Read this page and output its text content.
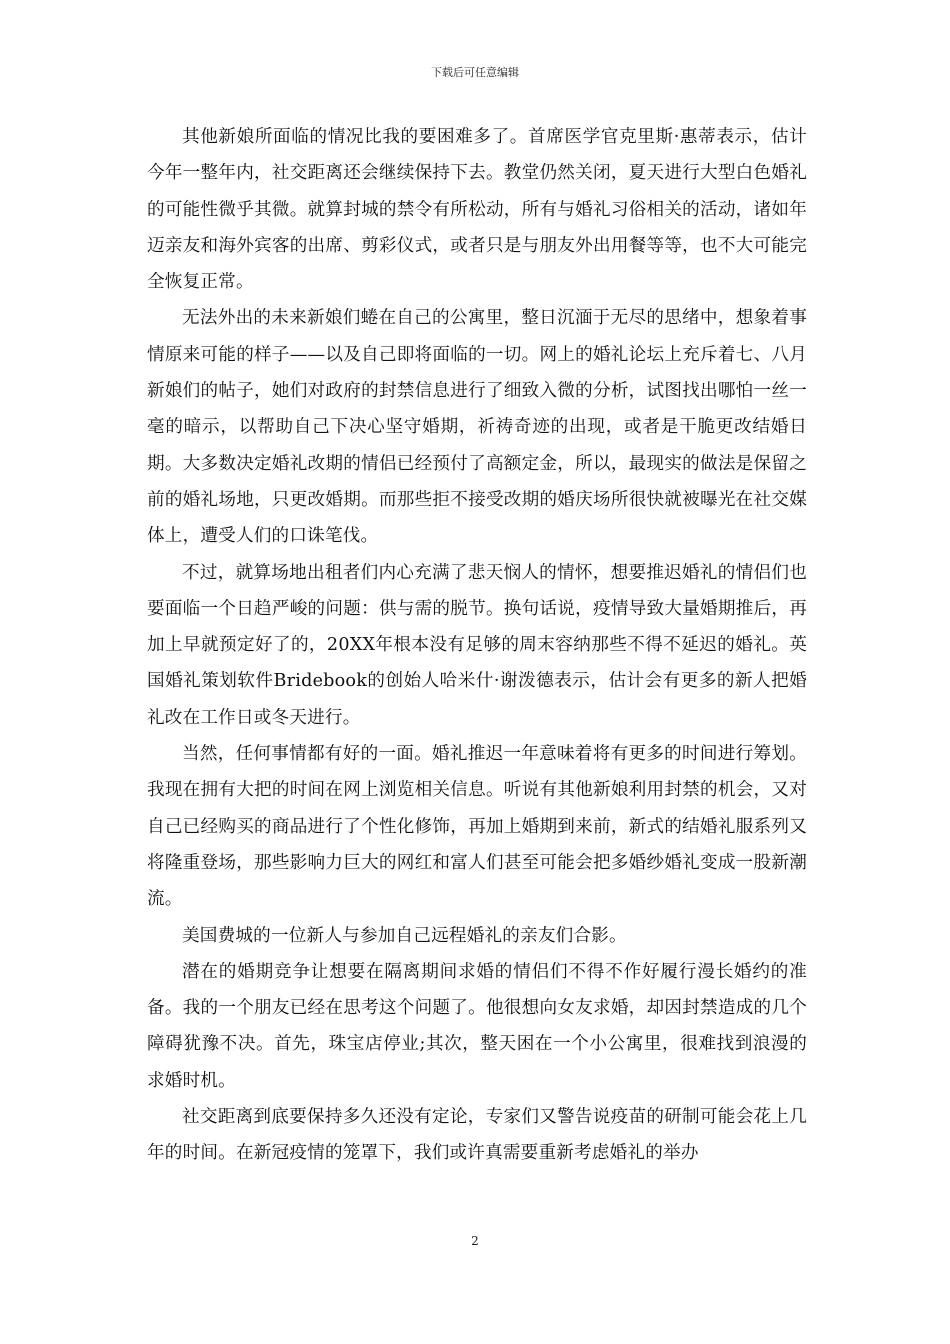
下载后可任意编辑

其他新娘所面临的情况比我的要困难多了。首席医学官克里斯·惠蒂表示，估计今年一整年内，社交距离还会继续保持下去。教堂仍然关闭，夏天进行大型白色婚礼的可能性微乎其微。就算封城的禁令有所松动，所有与婚礼习俗相关的活动，诸如年迈亲友和海外宾客的出席、剪彩仪式，或者只是与朋友外出用餐等等，也不大可能完全恢复正常。

无法外出的未来新娘们蜷在自己的公寓里，整日沉湎于无尽的思绪中，想象着事情原来可能的样子——以及自己即将面临的一切。网上的婚礼论坛上充斥着七、八月新娘们的帖子，她们对政府的封禁信息进行了细致入微的分析，试图找出哪怕一丝一毫的暗示，以帮助自己下决心坚守婚期，祈祷奇迹的出现，或者是干脆更改结婚日期。大多数决定婚礼改期的情侣已经预付了高额定金，所以，最现实的做法是保留之前的婚礼场地，只更改婚期。而那些拒不接受改期的婚庆场所很快就被曝光在社交媒体上，遭受人们的口诛笔伐。

不过，就算场地出租者们内心充满了悲天悯人的情怀，想要推迟婚礼的情侣们也要面临一个日趋严峻的问题：供与需的脱节。换句话说，疫情导致大量婚期推后，再加上早就预定好了的，20XX年根本没有足够的周末容纳那些不得不延迟的婚礼。英国婚礼策划软件Bridebook的创始人哈米什·谢泼德表示，估计会有更多的新人把婚礼改在工作日或冬天进行。

当然，任何事情都有好的一面。婚礼推迟一年意味着将有更多的时间进行筹划。我现在拥有大把的时间在网上浏览相关信息。听说有其他新娘利用封禁的机会，又对自己已经购买的商品进行了个性化修饰，再加上婚期到来前，新式的结婚礼服系列又将隆重登场，那些影响力巨大的网红和富人们甚至可能会把多婚纱婚礼变成一股新潮流。

美国费城的一位新人与参加自己远程婚礼的亲友们合影。

潜在的婚期竞争让想要在隔离期间求婚的情侣们不得不作好履行漫长婚约的准备。我的一个朋友已经在思考这个问题了。他很想向女友求婚，却因封禁造成的几个障碍犹豫不决。首先，珠宝店停业;其次，整天困在一个小公寓里，很难找到浪漫的求婚时机。

社交距离到底要保持多久还没有定论，专家们又警告说疫苗的研制可能会花上几年的时间。在新冠疫情的笼罩下，我们或许真需要重新考虑婚礼的举办

2
